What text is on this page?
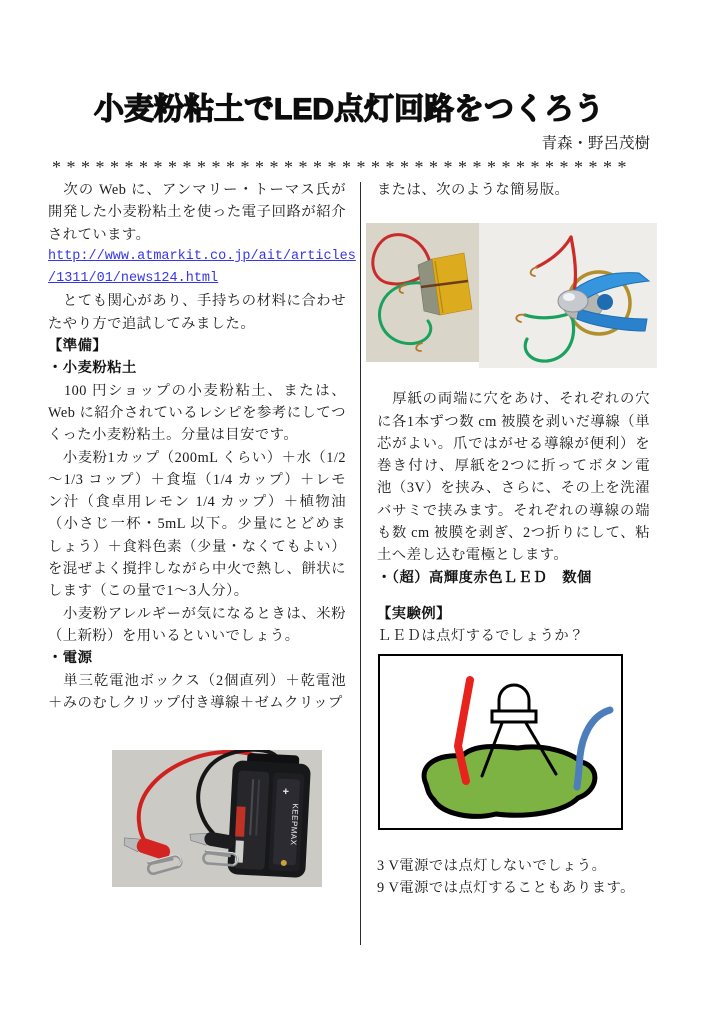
小麦粉粘土でLED点灯回路をつくろう
青森・野呂茂樹
****************************************

　次の Web に、アンマリー・トーマス氏が開発した小麦粉粘土を使った電子回路が紹介されています。

http://www.atmarkit.co.jp/ait/articles
/1311/01/news124.html

　とても関心があり、手持ちの材料に合わせたやり方で追試してみました。

【準備】

・小麦粉粘土

　100 円ショップの小麦粉粘土、または、Web に紹介されているレシピを参考にしてつくった小麦粉粘土。分量は目安です。

　小麦粉1カップ（200mL くらい）＋水（1/2～1/3 コップ）＋食塩（1/4 カップ）＋レモン汁（食卓用レモン 1/4 カップ）＋植物油（小さじ一杯・5mL 以下。少量にとどめましょう）＋食料色素（少量・なくてもよい）を混ぜよく撹拌しながら中火で熱し、餅状にします（この量で1～3人分）。

　小麦粉アレルギーが気になるときは、米粉（上新粉）を用いるといいでしょう。

・電源

　単三乾電池ボックス（2個直列）＋乾電池＋みのむしクリップ付き導線＋ゼムクリップ

+
KEEPMAX

または、次のような簡易版。

　厚紙の両端に穴をあけ、それぞれの穴に各1本ずつ数 cm 被膜を剥いだ導線（単芯がよい。爪ではがせる導線が便利）を巻き付け、厚紙を2つに折ってボタン電池（3V）を挟み、さらに、その上を洗濯バサミで挟みます。それぞれの導線の端も数 cm 被膜を剥ぎ、2つ折りにして、粘土へ差し込む電極とします。

・（超）高輝度赤色ＬＥＤ　数個

【実験例】

ＬＥＤは点灯するでしょうか？

3 V電源では点灯しないでしょう。

9 V電源では点灯することもあります。
